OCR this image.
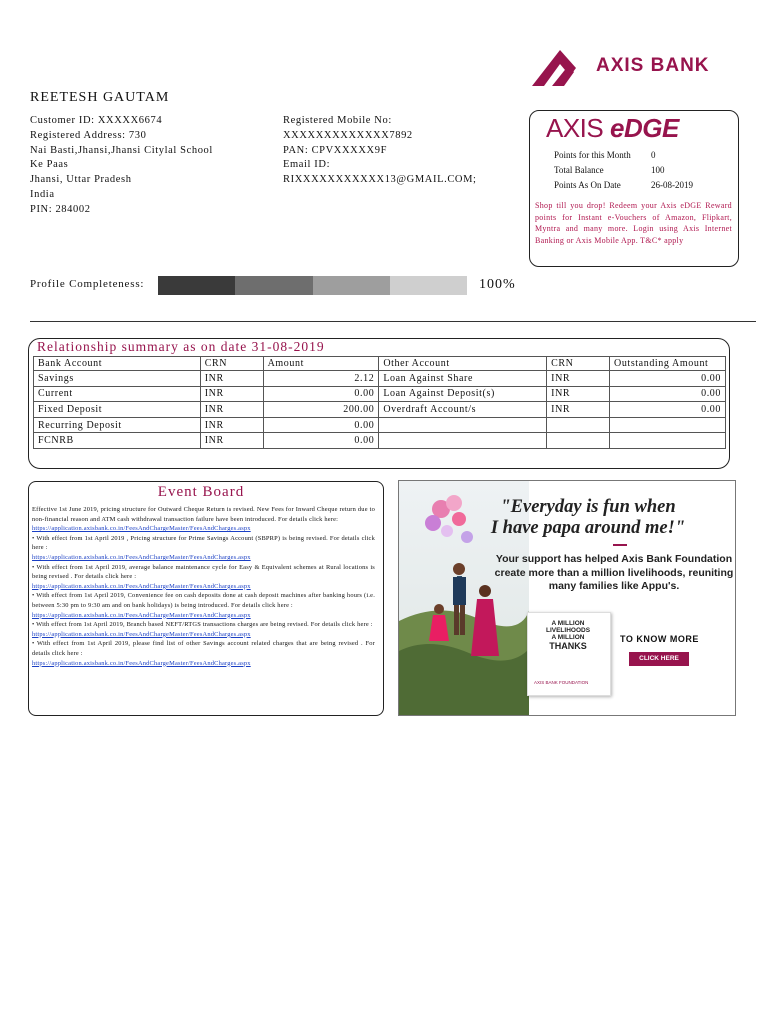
AXIS BANK
REETESH GAUTAM
Customer ID: XXXXX6674
Registered Address: 730
Nai Basti,Jhansi,Jhansi Citylal School
Ke Paas
Jhansi, Uttar Pradesh
India
PIN: 284002
Registered Mobile No:
XXXXXXXXXXXXX7892
PAN: CPVXXXXX9F
Email ID:
RIXXXXXXXXXXX13@GMAIL.COM;
AXIS eDGE
Points for this Month	0
Total Balance	100
Points As On Date	26-08-2019
Shop till you drop! Redeem your Axis eDGE Reward points for Instant e-Vouchers of Amazon, Flipkart, Myntra and many more. Login using Axis Internet Banking or Axis Mobile App. T&C* apply
Profile Completeness:	100%
Relationship summary as on date 31-08-2019
Bank Account	CRN	Amount	Other Account	CRN	Outstanding Amount
Savings	INR	2.12	Loan Against Share	INR	0.00
Current	INR	0.00	Loan Against Deposit(s)	INR	0.00
Fixed Deposit	INR	200.00	Overdraft Account/s	INR	0.00
Recurring Deposit	INR	0.00			
FCNRB	INR	0.00			
Event Board
Effective 1st June 2019, pricing structure for Outward Cheque Return is revised. New Fees for Inward Cheque return due to non-financial reason and ATM cash withdrawal transaction failure have been introduced. For details click here:
https://application.axisbank.co.in/FeesAndChargeMaster/FeesAndCharges.aspx
• With effect from 1st April 2019 , Pricing structure for Prime Savings Account (SBPRP) is being revised. For details click here :
https://application.axisbank.co.in/FeesAndChargeMaster/FeesAndCharges.aspx
• With effect from 1st April 2019, average balance maintenance cycle for Easy & Equivalent schemes at Rural locations is being revised . For details click here :
https://application.axisbank.co.in/FeesAndChargeMaster/FeesAndCharges.aspx
• With effect from 1st April 2019, Convenience fee on cash deposits done at cash deposit machines after banking hours (i.e. between 5:30 pm to 9:30 am and on bank holidays) is being introduced. For details click here :
https://application.axisbank.co.in/FeesAndChargeMaster/FeesAndCharges.aspx
• With effect from 1st April 2019, Branch based NEFT/RTGS transactions charges are being revised. For details click here :
https://application.axisbank.co.in/FeesAndChargeMaster/FeesAndCharges.aspx
• With effect from 1st April 2019, please find list of other Savings account related charges that are being revised . For details click here :
https://application.axisbank.co.in/FeesAndChargeMaster/FeesAndCharges.aspx
"Everyday is fun when
I have papa around me!"
Your support has helped Axis Bank Foundation create more than a million livelihoods, reuniting many families like Appu's.
A MILLION
LIVELIHOODS
A MILLION
THANKS
AXIS BANK FOUNDATION
TO KNOW MORE
CLICK HERE
